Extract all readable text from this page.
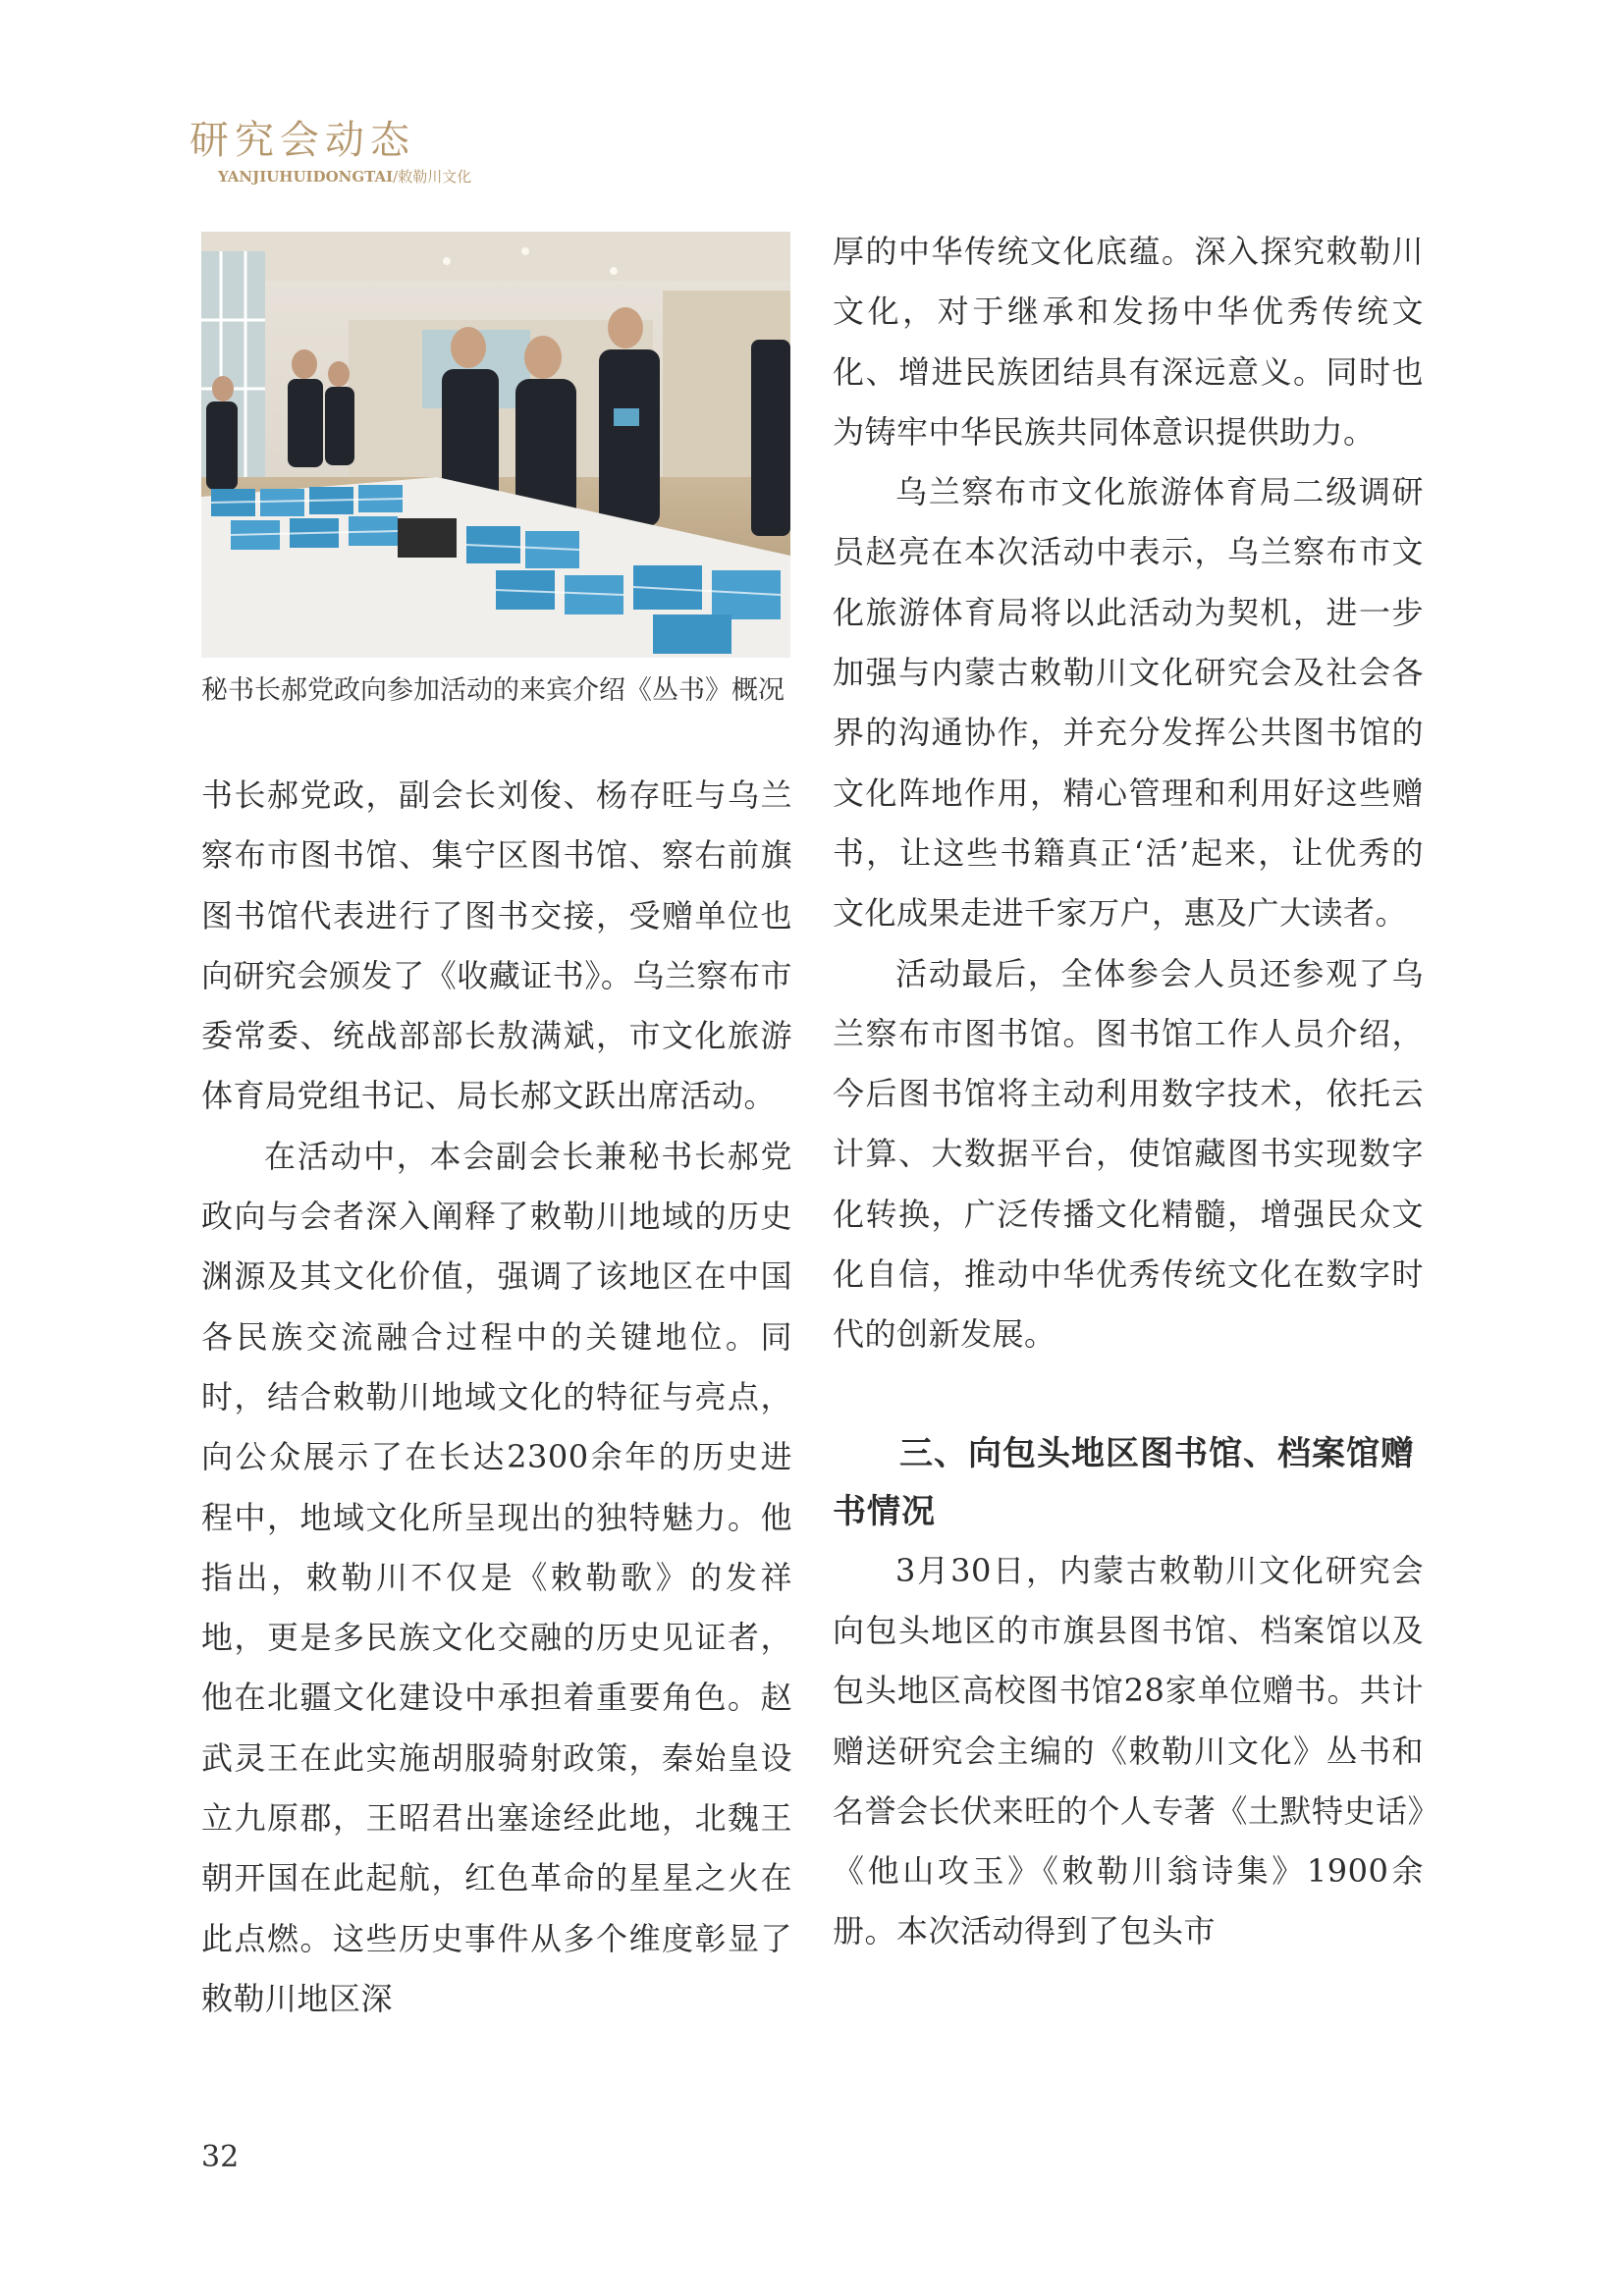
研究会动态
YANJIUHUIDONGTAI/敕勒川文化
秘书长郝党政向参加活动的来宾介绍《丛书》概况

书长郝党政，副会长刘俊、杨存旺与乌兰察布市图书馆、集宁区图书馆、察右前旗图书馆代表进行了图书交接，受赠单位也向研究会颁发了《收藏证书》。乌兰察布市委常委、统战部部长敖满斌，市文化旅游体育局党组书记、局长郝文跃出席活动。

在活动中，本会副会长兼秘书长郝党政向与会者深入阐释了敕勒川地域的历史渊源及其文化价值，强调了该地区在中国各民族交流融合过程中的关键地位。同时，结合敕勒川地域文化的特征与亮点，向公众展示了在长达2300余年的历史进程中，地域文化所呈现出的独特魅力。他指出，敕勒川不仅是《敕勒歌》的发祥地，更是多民族文化交融的历史见证者，他在北疆文化建设中承担着重要角色。赵武灵王在此实施胡服骑射政策，秦始皇设立九原郡，王昭君出塞途经此地，北魏王朝开国在此起航，红色革命的星星之火在此点燃。这些历史事件从多个维度彰显了敕勒川地区深

厚的中华传统文化底蕴。深入探究敕勒川文化，对于继承和发扬中华优秀传统文化、增进民族团结具有深远意义。同时也为铸牢中华民族共同体意识提供助力。

乌兰察布市文化旅游体育局二级调研员赵亮在本次活动中表示，乌兰察布市文化旅游体育局将以此活动为契机，进一步加强与内蒙古敕勒川文化研究会及社会各界的沟通协作，并充分发挥公共图书馆的文化阵地作用，精心管理和利用好这些赠书，让这些书籍真正‘活’起来，让优秀的文化成果走进千家万户，惠及广大读者。

活动最后，全体参会人员还参观了乌兰察布市图书馆。图书馆工作人员介绍，今后图书馆将主动利用数字技术，依托云计算、大数据平台，使馆藏图书实现数字化转换，广泛传播文化精髓，增强民众文化自信，推动中华优秀传统文化在数字时代的创新发展。

三、向包头地区图书馆、档案馆赠书情况

3月30日，内蒙古敕勒川文化研究会向包头地区的市旗县图书馆、档案馆以及包头地区高校图书馆28家单位赠书。共计赠送研究会主编的《敕勒川文化》丛书和名誉会长伏来旺的个人专著《土默特史话》《他山攻玉》《敕勒川翁诗集》1900余册。本次活动得到了包头市

32
